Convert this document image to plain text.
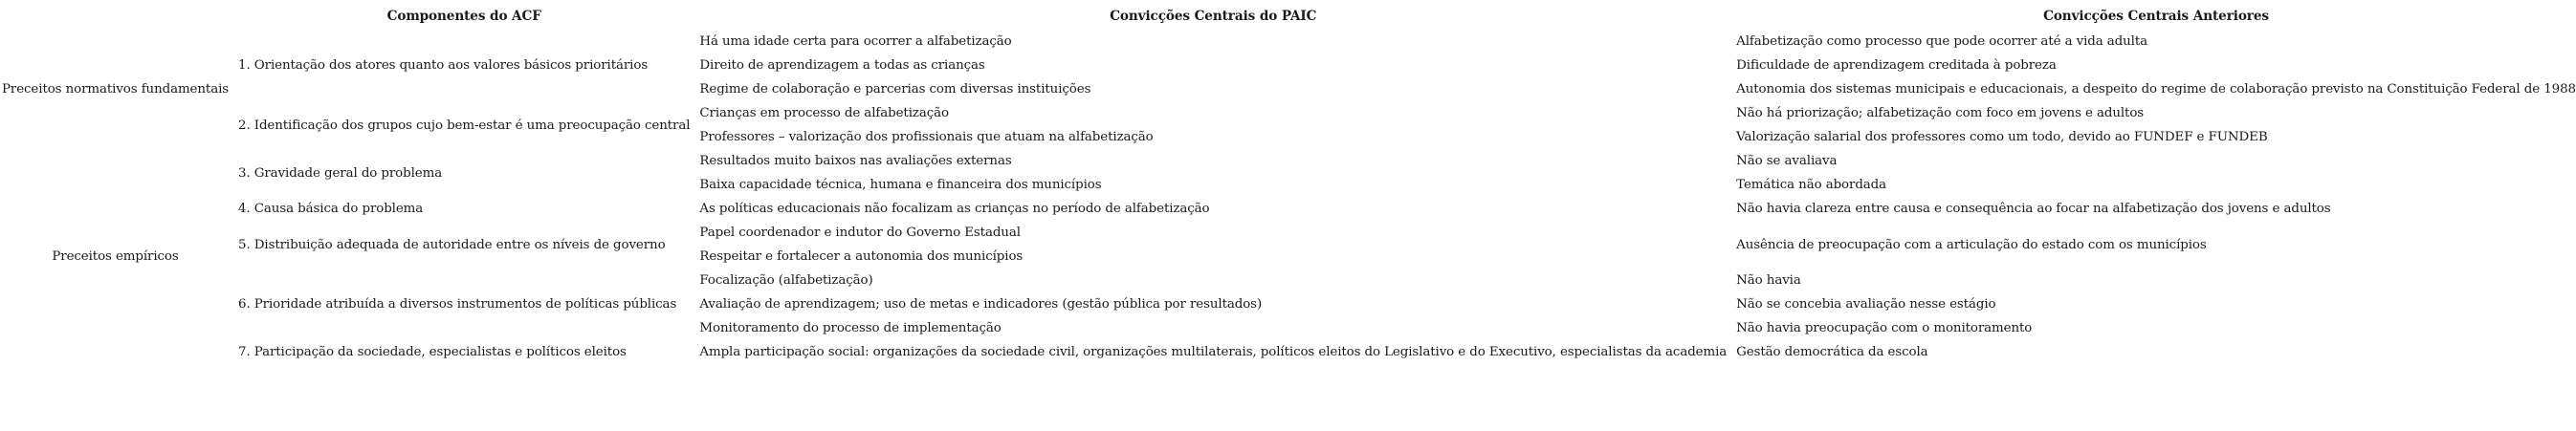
	Componentes do ACF	Convicções Centrais do PAIC	Convicções Centrais Anteriores
Preceitos normativos fundamentais	1. Orientação dos atores quanto aos valores básicos prioritários	Há uma idade certa para ocorrer a alfabetização	Alfabetização como processo que pode ocorrer até a vida adulta
		Direito de aprendizagem a todas as crianças	Dificuldade de aprendizagem creditada à pobreza
		Regime de colaboração e parcerias com diversas instituições	Autonomia dos sistemas municipais e educacionais, a despeito do regime de colaboração previsto na Constituição Federal de 1988
	2. Identificação dos grupos cujo bem-estar é uma preocupação central	Crianças em processo de alfabetização	Não há priorização; alfabetização com foco em jovens e adultos
		Professores – valorização dos profissionais que atuam na alfabetização	Valorização salarial dos professores como um todo, devido ao FUNDEF e FUNDEB
Preceitos empíricos	3. Gravidade geral do problema	Resultados muito baixos nas avaliações externas	Não se avaliava
		Baixa capacidade técnica, humana e financeira dos municípios	Temática não abordada
	4. Causa básica do problema	As políticas educacionais não focalizam as crianças no período de alfabetização	Não havia clareza entre causa e consequência ao focar na alfabetização dos jovens e adultos
	5. Distribuição adequada de autoridade entre os níveis de governo	Papel coordenador e indutor do Governo Estadual	Ausência de preocupação com a articulação do estado com os municípios
		Respeitar e fortalecer a autonomia dos municípios	
	6. Prioridade atribuída a diversos instrumentos de políticas públicas	Focalização (alfabetização)	Não havia
		Avaliação de aprendizagem; uso de metas e indicadores (gestão pública por resultados)	Não se concebia avaliação nesse estágio
		Monitoramento do processo de implementação	Não havia preocupação com o monitoramento
	7. Participação da sociedade, especialistas e políticos eleitos	Ampla participação social: organizações da sociedade civil, organizações multilaterais, políticos eleitos do Legislativo e do Executivo, especialistas da academia	Gestão democrática da escola
